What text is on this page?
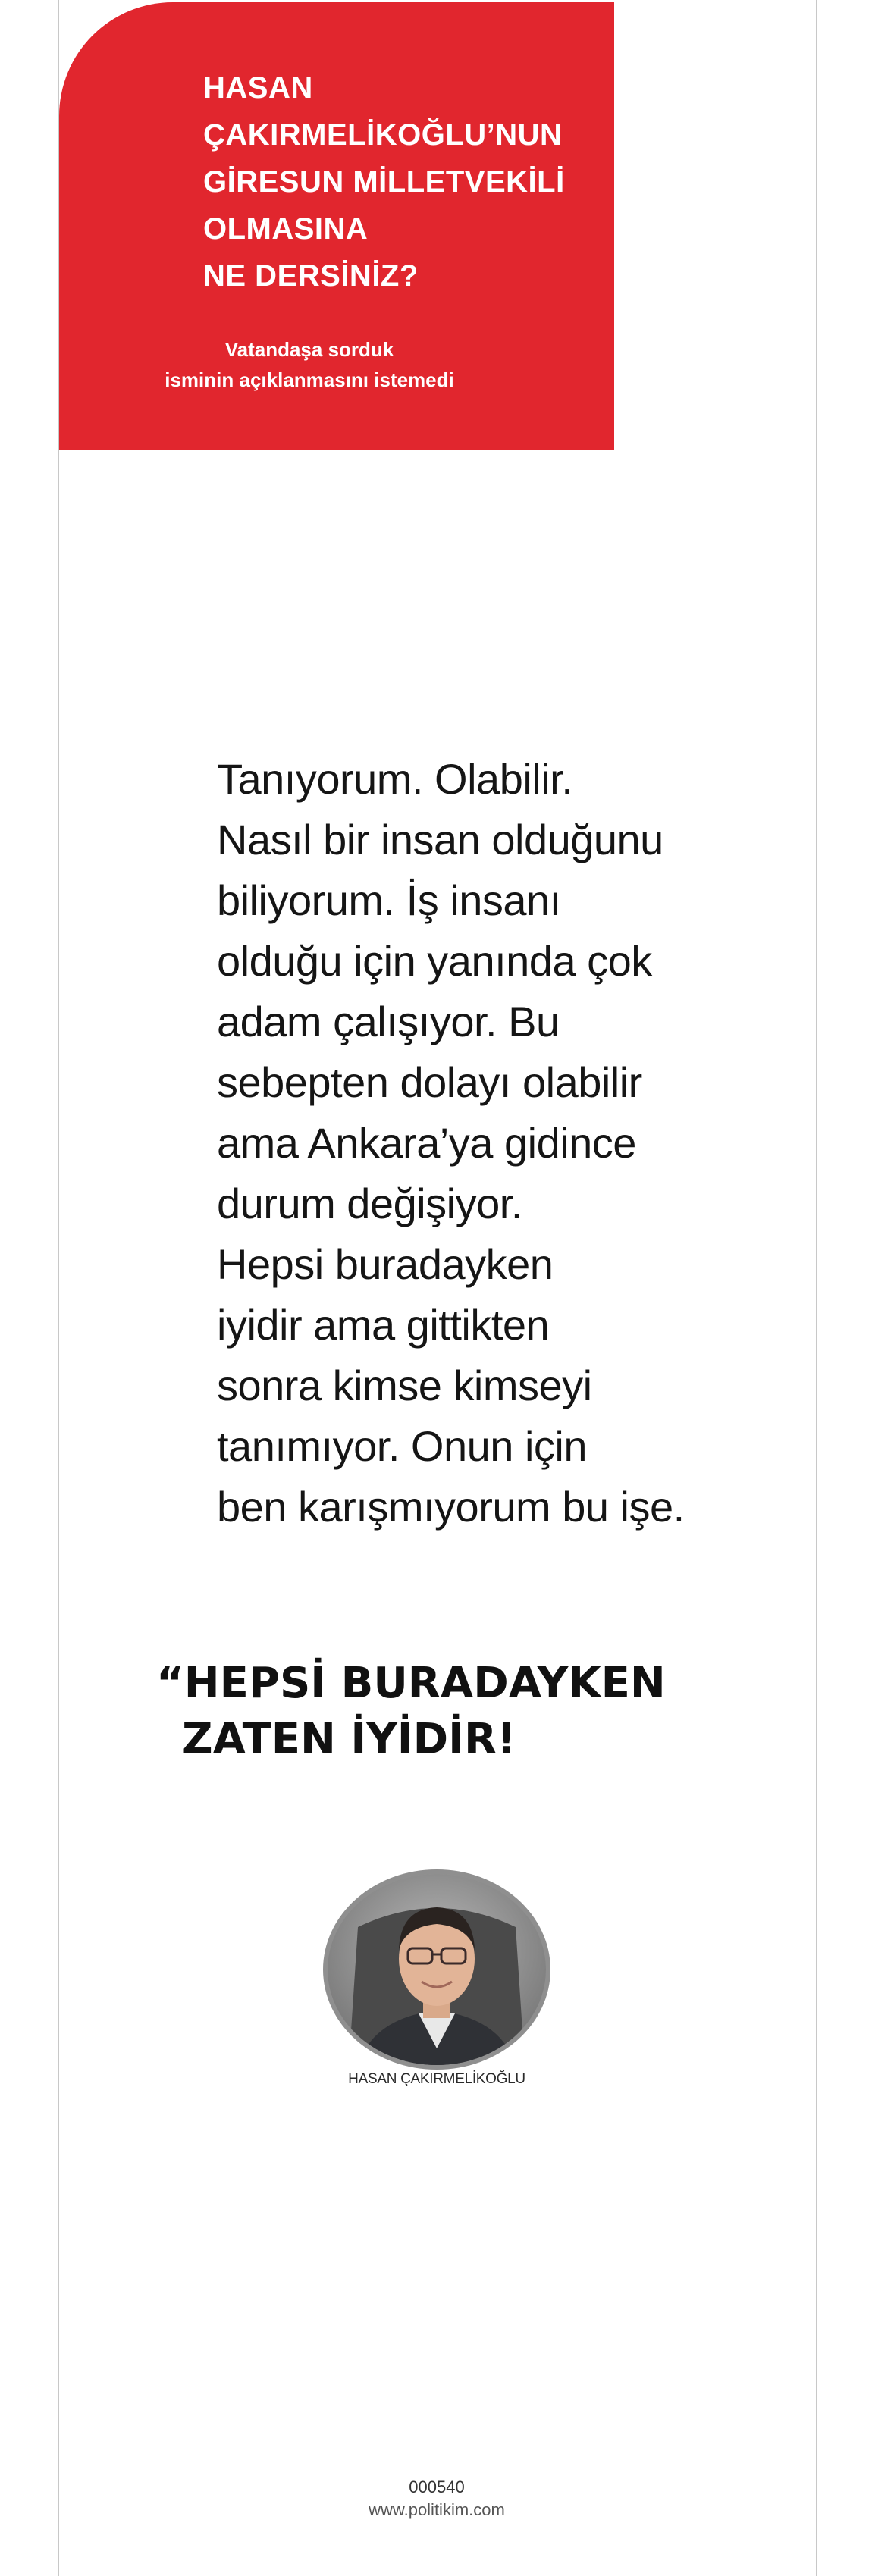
HASAN
ÇAKIRMELİKOĞLU’NUN
GİRESUN MİLLETVEKİLİ
OLMASINA
NE DERSİNİZ?
Vatandaşa sorduk
isminin açıklanmasını istemedi

Tanıyorum. Olabilir.
Nasıl bir insan olduğunu
biliyorum. İş insanı
olduğu için yanında çok
adam çalışıyor. Bu
sebepten dolayı olabilir
ama Ankara’ya gidince
durum değişiyor.
Hepsi buradayken
iyidir ama gittikten
sonra kimse kimseyi
tanımıyor. Onun için
ben karışmıyorum bu işe.

“HEPSİ BURADAYKEN
ZATEN İYİDİR!
HASAN ÇAKIRMELİKOĞLU
000540
www.politikim.com
